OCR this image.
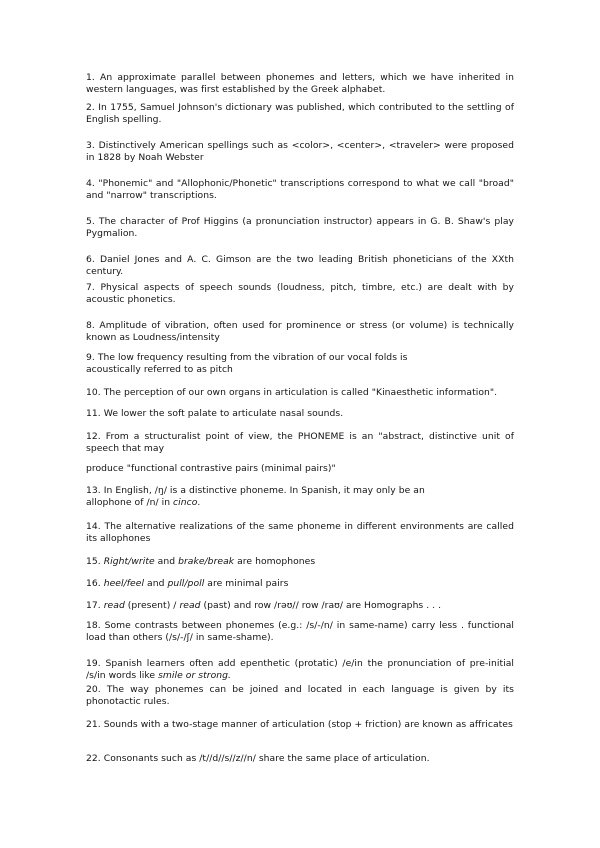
1. An approximate parallel between phonemes and letters, which we have inherited in western languages, was first established by the Greek alphabet.

2. In 1755, Samuel Johnson's dictionary was published, which contributed to the settling of English spelling.

3. Distinctively American spellings such as <color>, <center>, <traveler> were proposed in 1828 by Noah Webster

4. "Phonemic" and "Allophonic/Phonetic" transcriptions correspond to what we call "broad" and "narrow" transcriptions.

5. The character of Prof Higgins (a pronunciation instructor) appears in G. B. Shaw's play Pygmalion.

6. Daniel Jones and A. C. Gimson are the two leading British phoneticians of the XXth century.

7. Physical aspects of speech sounds (loudness, pitch, timbre, etc.) are dealt with by acoustic phonetics.

8. Amplitude of vibration, often used for prominence or stress (or volume) is technically known as Loudness/intensity

9. The low frequency resulting from the vibration of our vocal folds is
acoustically referred to as pitch

10. The perception of our own organs in articulation is called "Kinaesthetic information".

11. We lower the soft palate to articulate nasal sounds.

12. From a structuralist point of view, the PHONEME is an "abstract, distinctive unit of speech that may

produce "functional contrastive pairs (minimal pairs)"

13. In English, /ŋ/ is a distinctive phoneme. In Spanish, it may only be an
allophone of /n/ in cinco.

14. The alternative realizations of the same phoneme in different environments are called its allophones

15. Right/write and brake/break are homophones

16. heel/feel and pull/poll are minimal pairs

17. read (present) / read (past) and row /rəʊ// row /raʊ/ are Homographs . . .

18. Some contrasts between phonemes (e.g.: /s/-/n/ in same-name) carry less . functional load than others (/s/-/ʃ/ in same-shame).

19. Spanish learners often add epenthetic (protatic) /e/in the pronunciation of pre-initial /s/in words like smile or strong.

20. The way phonemes can be joined and located in each language is given by its phonotactic rules.

21. Sounds with a two-stage manner of articulation (stop + friction) are known as affricates

22. Consonants such as /t//d//s//z//n/ share the same place of articulation.
